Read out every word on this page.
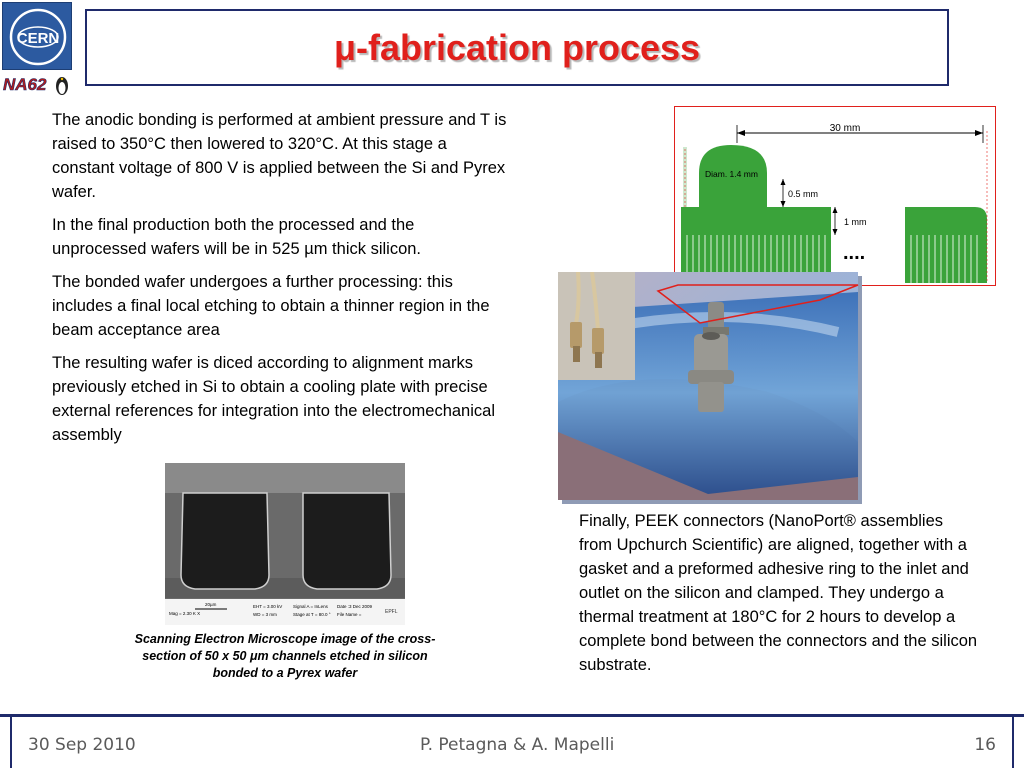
CERN
NA62
μ-fabrication process

The anodic bonding is performed at ambient pressure and T is raised to 350°C then lowered to 320°C. At this stage a constant voltage of 800 V is applied between the Si and Pyrex wafer.

In the final production both the processed and the unprocessed wafers will be in 525 µm thick silicon.

The bonded wafer undergoes a further processing: this includes a final local etching to obtain a thinner region in the beam acceptance area

The resulting wafer is diced according to alignment marks previously etched in Si to obtain a cooling plate with precise external references for integration into the electromechanical assembly

20µm
Mag = 2.30 K X
EHT = 3.00 kV
WD = 3 mm
Signal A = InLens
Stage at T = 80.0 °
Date :3 Dec 2009
File Name =	EPFL
Scanning Electron Microscope image of the cross-section of 50 x 50 μm channels etched in silicon bonded to a Pyrex wafer
30 mm
Diam. 1.4 mm
0.5 mm
1 mm
....
Finally, PEEK connectors (NanoPort® assemblies from Upchurch Scientific) are aligned, together with a gasket and a preformed adhesive ring to the inlet and outlet on the silicon and clamped. They undergo a thermal treatment at 180°C for 2 hours to develop a complete bond between the connectors and the silicon substrate.
30 Sep 2010	P. Petagna & A. Mapelli	16
